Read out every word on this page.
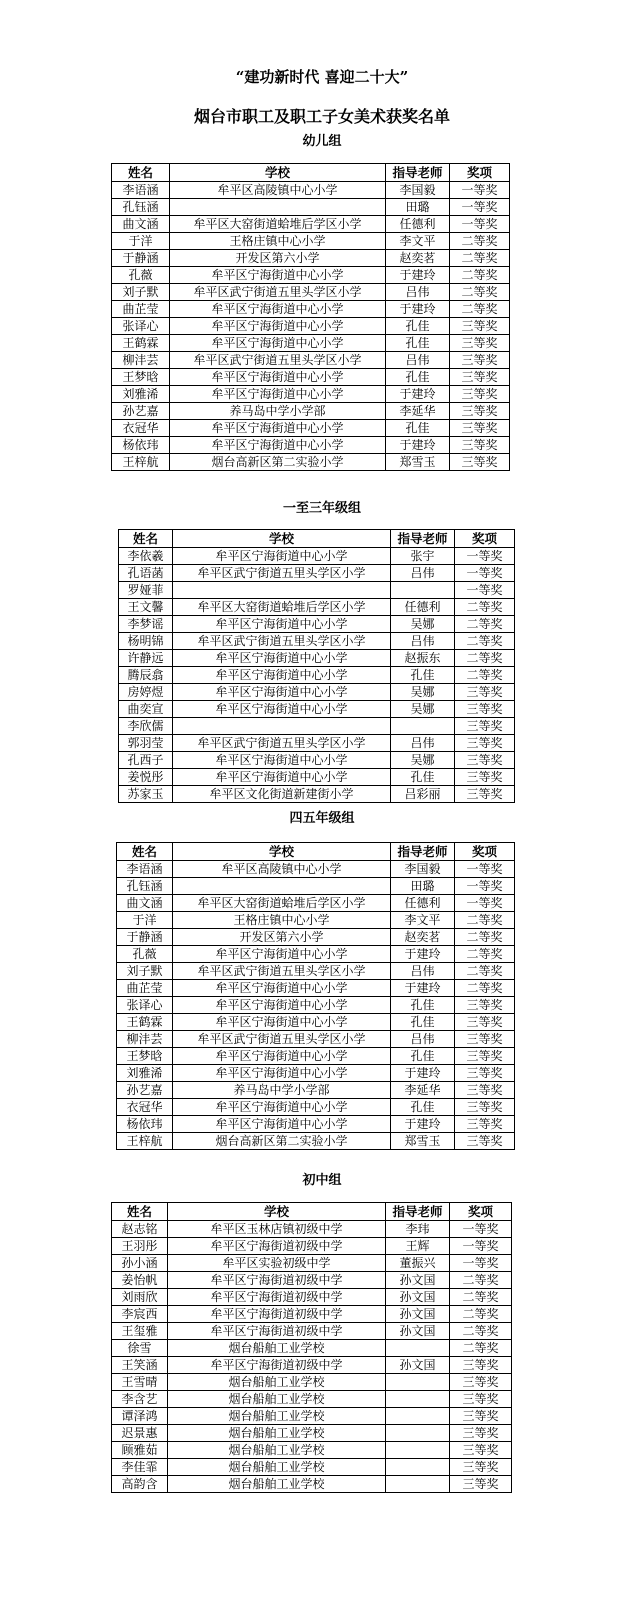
“建功新时代 喜迎二十大”
烟台市职工及职工子女美术获奖名单
幼儿组
姓名	学校	指导老师	奖项
李语涵	牟平区高陵镇中心小学	李国毅	一等奖
孔钰涵		田璐	一等奖
曲文涵	牟平区大窑街道蛤堆后学区小学	任德利	一等奖
于洋	王格庄镇中心小学	李文平	二等奖
于静涵	开发区第六小学	赵奕茗	二等奖
孔薇	牟平区宁海街道中心小学	于建玲	二等奖
刘子默	牟平区武宁街道五里头学区小学	吕伟	二等奖
曲芷莹	牟平区宁海街道中心小学	于建玲	二等奖
张译心	牟平区宁海街道中心小学	孔佳	三等奖
王鹤霖	牟平区宁海街道中心小学	孔佳	三等奖
柳沣芸	牟平区武宁街道五里头学区小学	吕伟	三等奖
王梦晗	牟平区宁海街道中心小学	孔佳	三等奖
刘雅浠	牟平区宁海街道中心小学	于建玲	三等奖
孙艺嘉	养马岛中学小学部	李延华	三等奖
衣冠华	牟平区宁海街道中心小学	孔佳	三等奖
杨依玮	牟平区宁海街道中心小学	于建玲	三等奖
王梓航	烟台高新区第二实验小学	郑雪玉	三等奖
一至三年级组
姓名	学校	指导老师	奖项
李依羲	牟平区宁海街道中心小学	张宇	一等奖
孔语菡	牟平区武宁街道五里头学区小学	吕伟	一等奖
罗娅菲			一等奖
王文馨	牟平区大窑街道蛤堆后学区小学	任德利	二等奖
李梦谣	牟平区宁海街道中心小学	吴娜	二等奖
杨明锦	牟平区武宁街道五里头学区小学	吕伟	二等奖
许静远	牟平区宁海街道中心小学	赵振东	二等奖
腾辰翕	牟平区宁海街道中心小学	孔佳	二等奖
房婷煜	牟平区宁海街道中心小学	吴娜	三等奖
曲奕宣	牟平区宁海街道中心小学	吴娜	三等奖
李欣儒			三等奖
郭羽莹	牟平区武宁街道五里头学区小学	吕伟	三等奖
孔西子	牟平区宁海街道中心小学	吴娜	三等奖
姜悦彤	牟平区宁海街道中心小学	孔佳	三等奖
苏家玉	牟平区文化街道新建街小学	吕彩丽	三等奖
四五年级组
姓名	学校	指导老师	奖项
李语涵	牟平区高陵镇中心小学	李国毅	一等奖
孔钰涵		田璐	一等奖
曲文涵	牟平区大窑街道蛤堆后学区小学	任德利	一等奖
于洋	王格庄镇中心小学	李文平	二等奖
于静涵	开发区第六小学	赵奕茗	二等奖
孔薇	牟平区宁海街道中心小学	于建玲	二等奖
刘子默	牟平区武宁街道五里头学区小学	吕伟	二等奖
曲芷莹	牟平区宁海街道中心小学	于建玲	二等奖
张译心	牟平区宁海街道中心小学	孔佳	三等奖
王鹤霖	牟平区宁海街道中心小学	孔佳	三等奖
柳沣芸	牟平区武宁街道五里头学区小学	吕伟	三等奖
王梦晗	牟平区宁海街道中心小学	孔佳	三等奖
刘雅浠	牟平区宁海街道中心小学	于建玲	三等奖
孙艺嘉	养马岛中学小学部	李延华	三等奖
衣冠华	牟平区宁海街道中心小学	孔佳	三等奖
杨依玮	牟平区宁海街道中心小学	于建玲	三等奖
王梓航	烟台高新区第二实验小学	郑雪玉	三等奖
初中组
姓名	学校	指导老师	奖项
赵志铭	牟平区玉林店镇初级中学	李玮	一等奖
王羽彤	牟平区宁海街道初级中学	王辉	一等奖
孙小涵	牟平区实验初级中学	董振兴	一等奖
姜怡帆	牟平区宁海街道初级中学	孙文国	二等奖
刘雨欣	牟平区宁海街道初级中学	孙文国	二等奖
李宸西	牟平区宁海街道初级中学	孙文国	二等奖
王玺雅	牟平区宁海街道初级中学	孙文国	二等奖
徐雪	烟台船舶工业学校		二等奖
王笑涵	牟平区宁海街道初级中学	孙文国	三等奖
王雪晴	烟台船舶工业学校		三等奖
李含艺	烟台船舶工业学校		三等奖
谭泽鸿	烟台船舶工业学校		三等奖
迟景惠	烟台船舶工业学校		三等奖
顾雅茹	烟台船舶工业学校		三等奖
李佳霏	烟台船舶工业学校		三等奖
高韵含	烟台船舶工业学校		三等奖
